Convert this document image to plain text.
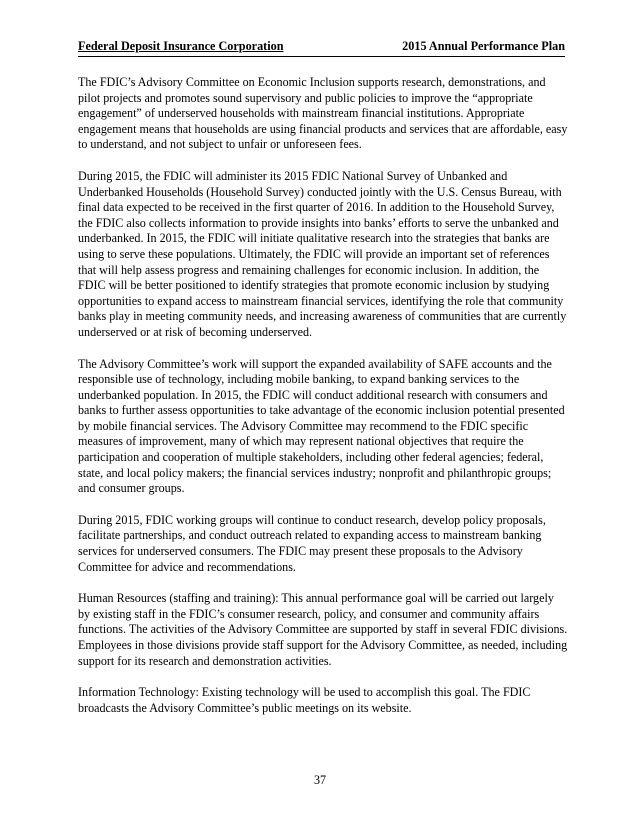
Federal Deposit Insurance Corporation	2015 Annual Performance Plan

The FDIC’s Advisory Committee on Economic Inclusion supports research, demonstrations, and pilot projects and promotes sound supervisory and public policies to improve the “appropriate engagement” of underserved households with mainstream financial institutions. Appropriate engagement means that households are using financial products and services that are affordable, easy to understand, and not subject to unfair or unforeseen fees.

During 2015, the FDIC will administer its 2015 FDIC National Survey of Unbanked and Underbanked Households (Household Survey) conducted jointly with the U.S. Census Bureau, with final data expected to be received in the first quarter of 2016. In addition to the Household Survey, the FDIC also collects information to provide insights into banks’ efforts to serve the unbanked and underbanked. In 2015, the FDIC will initiate qualitative research into the strategies that banks are using to serve these populations. Ultimately, the FDIC will provide an important set of references that will help assess progress and remaining challenges for economic inclusion. In addition, the FDIC will be better positioned to identify strategies that promote economic inclusion by studying opportunities to expand access to mainstream financial services, identifying the role that community banks play in meeting community needs, and increasing awareness of communities that are currently underserved or at risk of becoming underserved.

The Advisory Committee’s work will support the expanded availability of SAFE accounts and the responsible use of technology, including mobile banking, to expand banking services to the underbanked population. In 2015, the FDIC will conduct additional research with consumers and banks to further assess opportunities to take advantage of the economic inclusion potential presented by mobile financial services. The Advisory Committee may recommend to the FDIC specific measures of improvement, many of which may represent national objectives that require the participation and cooperation of multiple stakeholders, including other federal agencies; federal, state, and local policy makers; the financial services industry; nonprofit and philanthropic groups; and consumer groups.

During 2015, FDIC working groups will continue to conduct research, develop policy proposals, facilitate partnerships, and conduct outreach related to expanding access to mainstream banking services for underserved consumers. The FDIC may present these proposals to the Advisory Committee for advice and recommendations.

Human Resources (staffing and training): This annual performance goal will be carried out largely by existing staff in the FDIC’s consumer research, policy, and consumer and community affairs functions. The activities of the Advisory Committee are supported by staff in several FDIC divisions. Employees in those divisions provide staff support for the Advisory Committee, as needed, including support for its research and demonstration activities.

Information Technology: Existing technology will be used to accomplish this goal. The FDIC broadcasts the Advisory Committee’s public meetings on its website.

37
